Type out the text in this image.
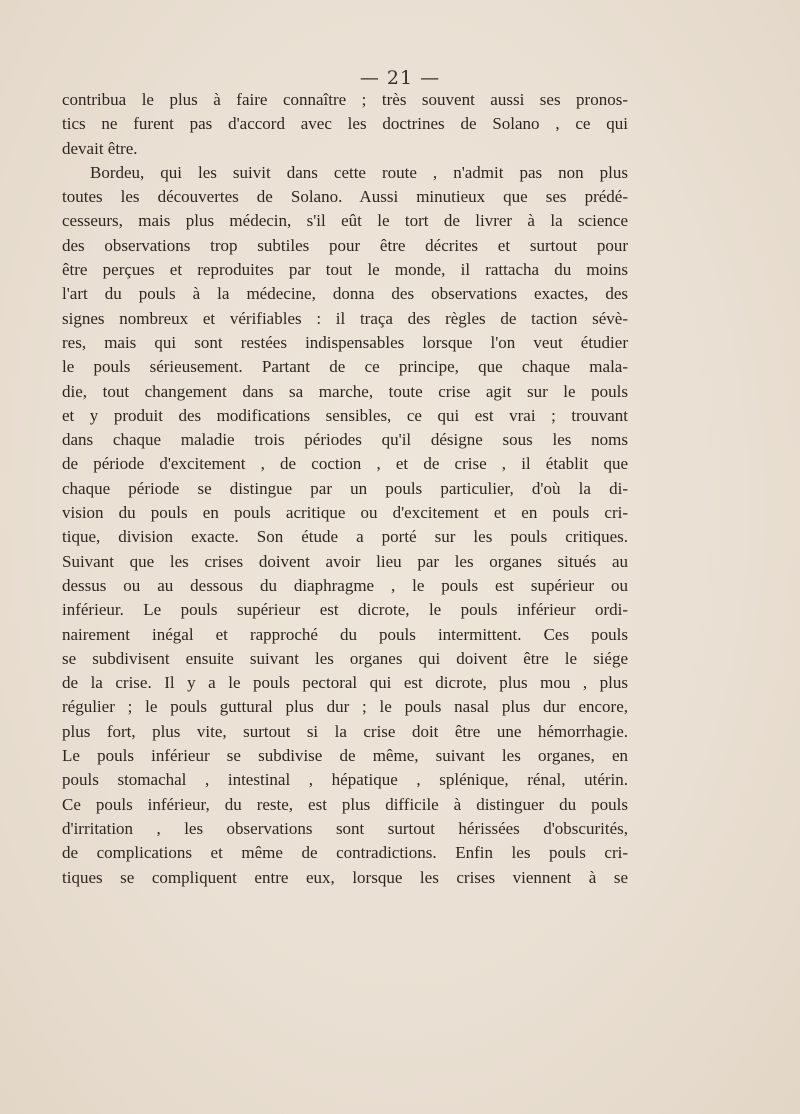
— 21 —
contribua le plus à faire connaître ; très souvent aussi ses pronos-
tics ne furent pas d'accord avec les doctrines de Solano , ce qui
devait être.
Bordeu, qui les suivit dans cette route , n'admit pas non plus
toutes les découvertes de Solano. Aussi minutieux que ses prédé-
cesseurs, mais plus médecin, s'il eût le tort de livrer à la science
des observations trop subtiles pour être décrites et surtout pour
être perçues et reproduites par tout le monde, il rattacha du moins
l'art du pouls à la médecine, donna des observations exactes, des
signes nombreux et vérifiables : il traça des règles de taction sévè-
res, mais qui sont restées indispensables lorsque l'on veut étudier
le pouls sérieusement. Partant de ce principe, que chaque mala-
die, tout changement dans sa marche, toute crise agit sur le pouls
et y produit des modifications sensibles, ce qui est vrai ; trouvant
dans chaque maladie trois périodes qu'il désigne sous les noms
de période d'excitement , de coction , et de crise , il établit que
chaque période se distingue par un pouls particulier, d'où la di-
vision du pouls en pouls acritique ou d'excitement et en pouls cri-
tique, division exacte. Son étude a porté sur les pouls critiques.
Suivant que les crises doivent avoir lieu par les organes situés au
dessus ou au dessous du diaphragme , le pouls est supérieur ou
inférieur. Le pouls supérieur est dicrote, le pouls inférieur ordi-
nairement inégal et rapproché du pouls intermittent. Ces pouls
se subdivisent ensuite suivant les organes qui doivent être le siége
de la crise. Il y a le pouls pectoral qui est dicrote, plus mou , plus
régulier ; le pouls guttural plus dur ; le pouls nasal plus dur encore,
plus fort, plus vite, surtout si la crise doit être une hémorrhagie.
Le pouls inférieur se subdivise de même, suivant les organes, en
pouls stomachal , intestinal , hépatique , splénique, rénal, utérin.
Ce pouls inférieur, du reste, est plus difficile à distinguer du pouls
d'irritation , les observations sont surtout hérissées d'obscurités,
de complications et même de contradictions. Enfin les pouls cri-
tiques se compliquent entre eux, lorsque les crises viennent à se
